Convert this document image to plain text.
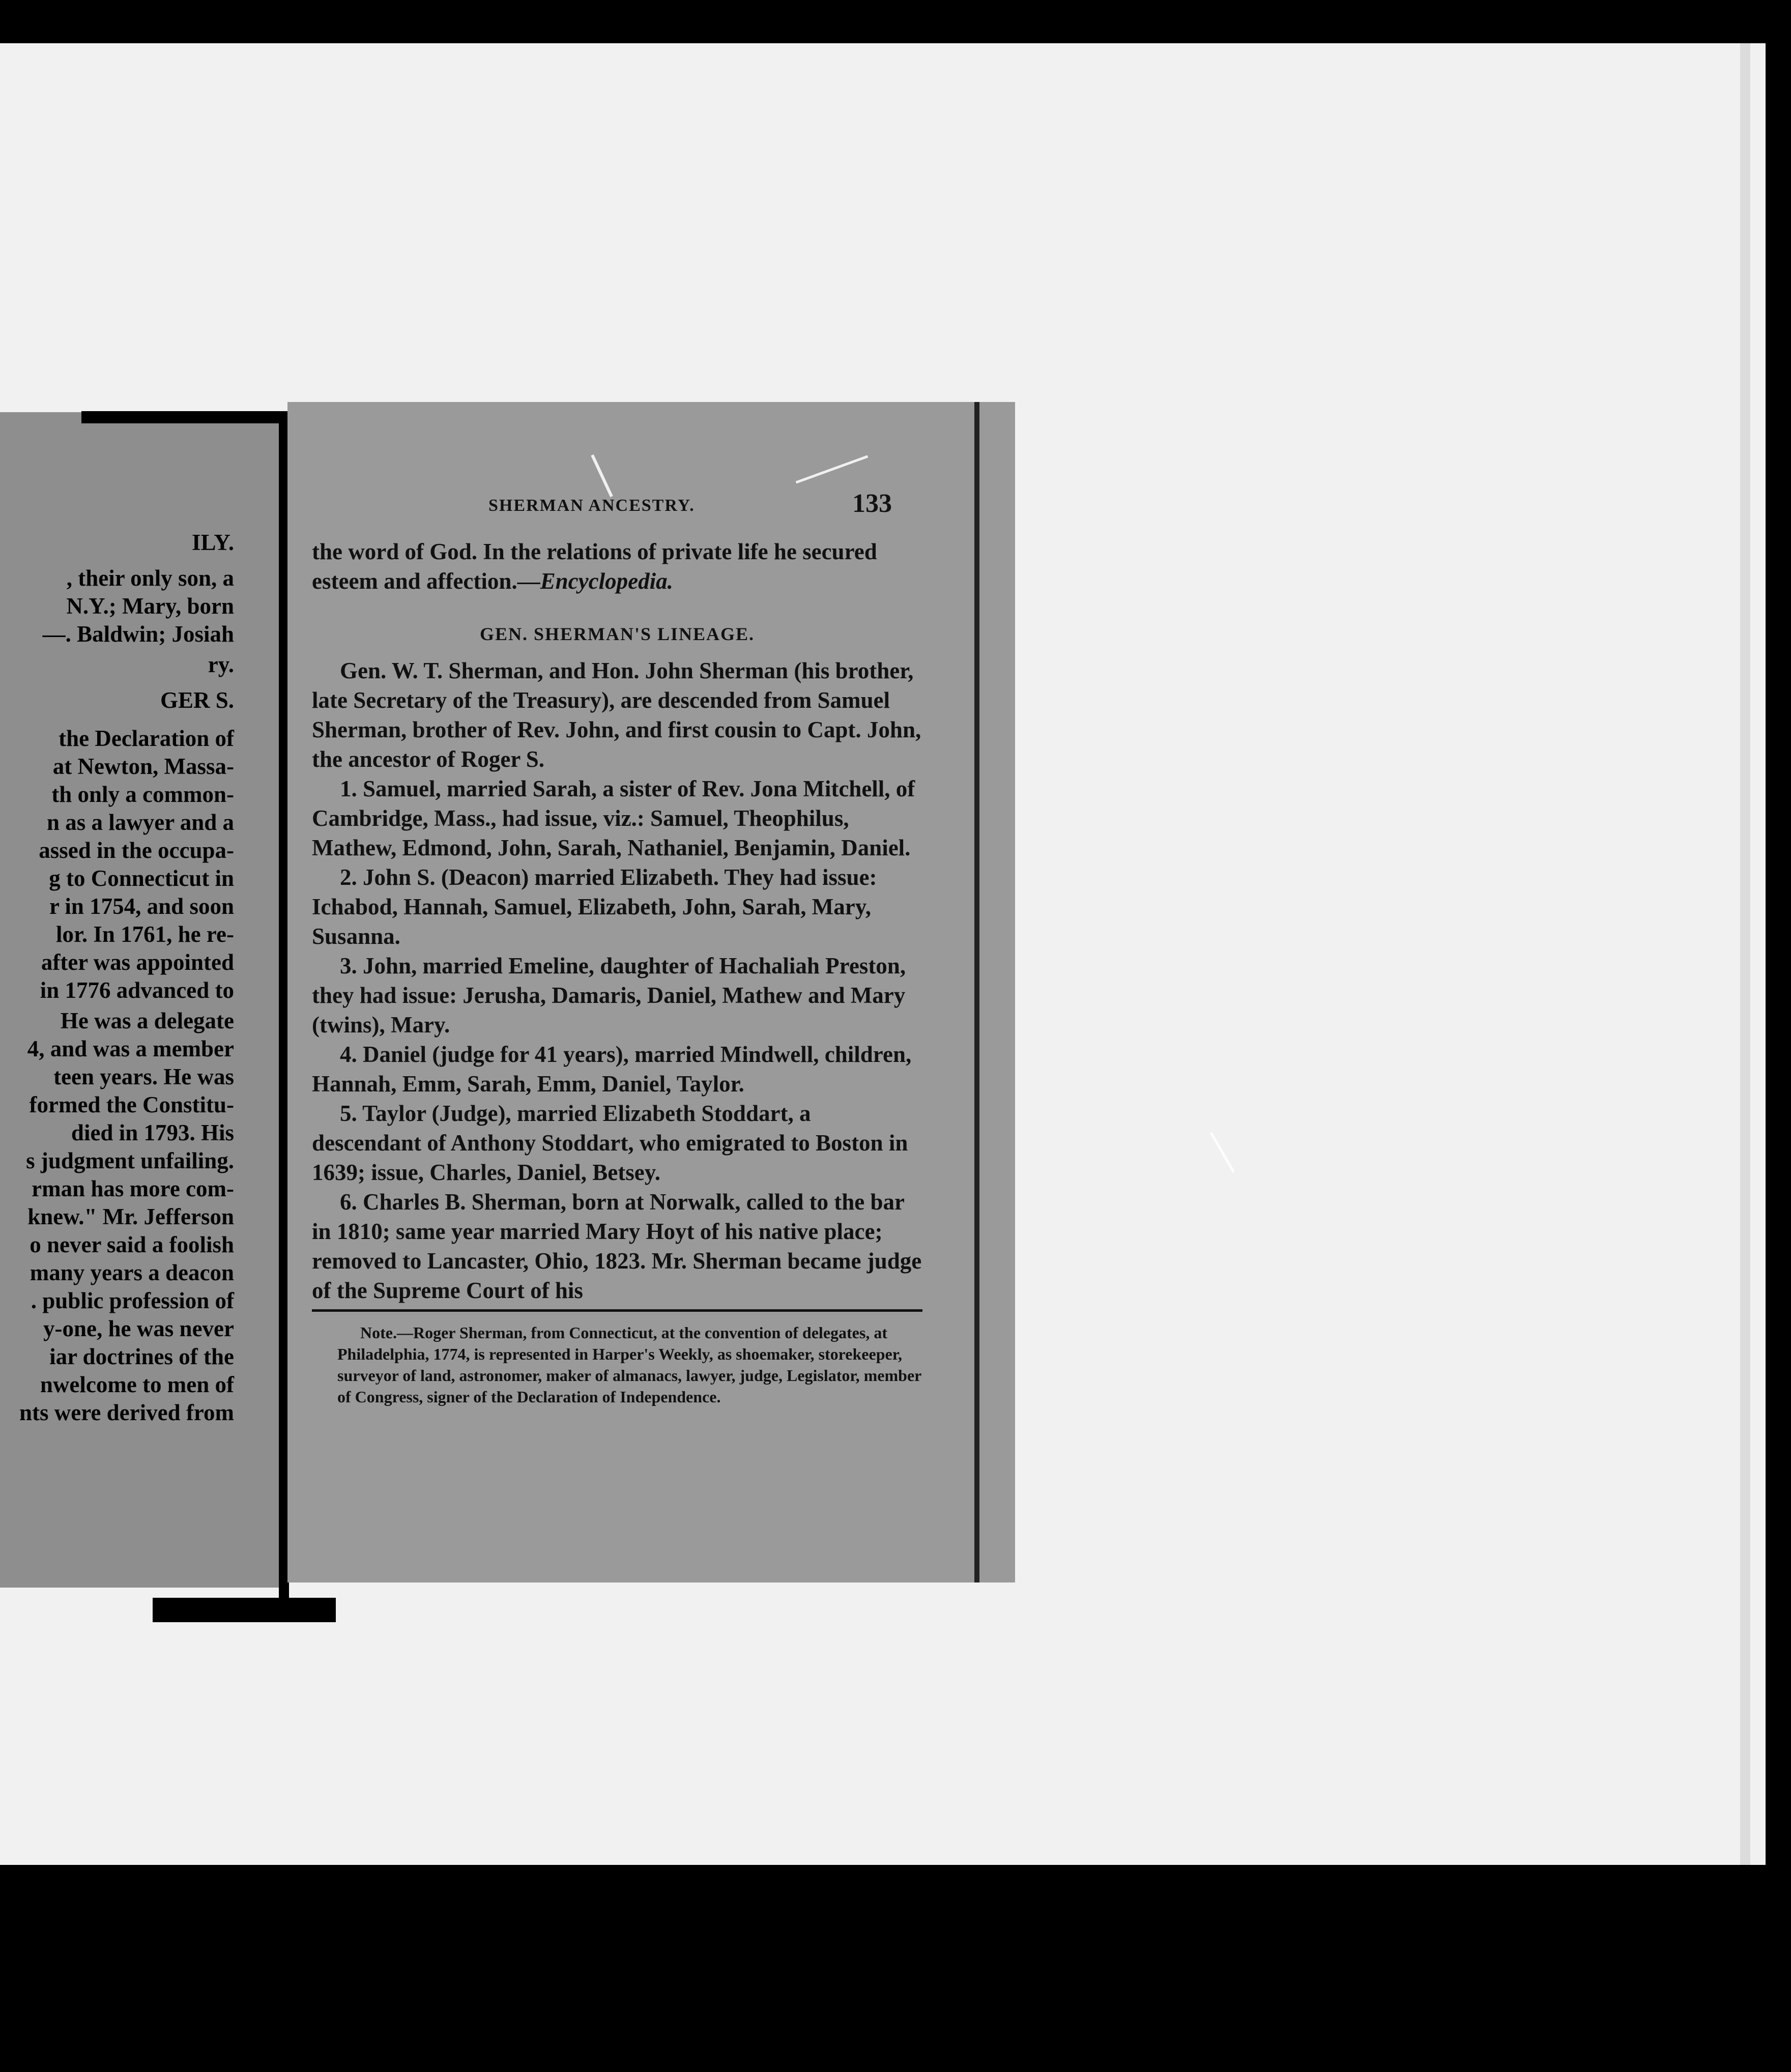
ILY.
, their only son, a
N.Y.; Mary, born
—. Baldwin; Josiah
ry.
GER S.
the Declaration of
at Newton, Massa-
th only a common-
n as a lawyer and a
assed in the occupa-
g to Connecticut in
r in 1754, and soon
lor. In 1761, he re-
after was appointed
in 1776 advanced to
He was a delegate
4, and was a member
teen years. He was
formed the Constitu-
died in 1793. His
s judgment unfailing.
rman has more com-
knew." Mr. Jefferson
o never said a foolish
many years a deacon
. public profession of
y-one, he was never
iar doctrines of the
nwelcome to men of
nts were derived from
SHERMAN ANCESTRY.	133

the word of God. In the relations of private life he secured esteem and affection.—Encyclopedia.

GEN. SHERMAN'S LINEAGE.

Gen. W. T. Sherman, and Hon. John Sherman (his brother, late Secretary of the Treasury), are descended from Samuel Sherman, brother of Rev. John, and first cousin to Capt. John, the ancestor of Roger S.

1. Samuel, married Sarah, a sister of Rev. Jona Mitchell, of Cambridge, Mass., had issue, viz.: Samuel, Theophilus, Mathew, Edmond, John, Sarah, Nathaniel, Benjamin, Daniel.

2. John S. (Deacon) married Elizabeth. They had issue: Ichabod, Hannah, Samuel, Elizabeth, John, Sarah, Mary, Susanna.

3. John, married Emeline, daughter of Hachaliah Preston, they had issue: Jerusha, Damaris, Daniel, Mathew and Mary (twins), Mary.

4. Daniel (judge for 41 years), married Mindwell, children, Hannah, Emm, Sarah, Emm, Daniel, Taylor.

5. Taylor (Judge), married Elizabeth Stoddart, a descendant of Anthony Stoddart, who emigrated to Boston in 1639; issue, Charles, Daniel, Betsey.

6. Charles B. Sherman, born at Norwalk, called to the bar in 1810; same year married Mary Hoyt of his native place; removed to Lancaster, Ohio, 1823. Mr. Sherman became judge of the Supreme Court of his

Note.—Roger Sherman, from Connecticut, at the convention of delegates, at Philadelphia, 1774, is represented in Harper's Weekly, as shoemaker, storekeeper, surveyor of land, astronomer, maker of almanacs, lawyer, judge, Legislator, member of Congress, signer of the Declaration of Independence.
